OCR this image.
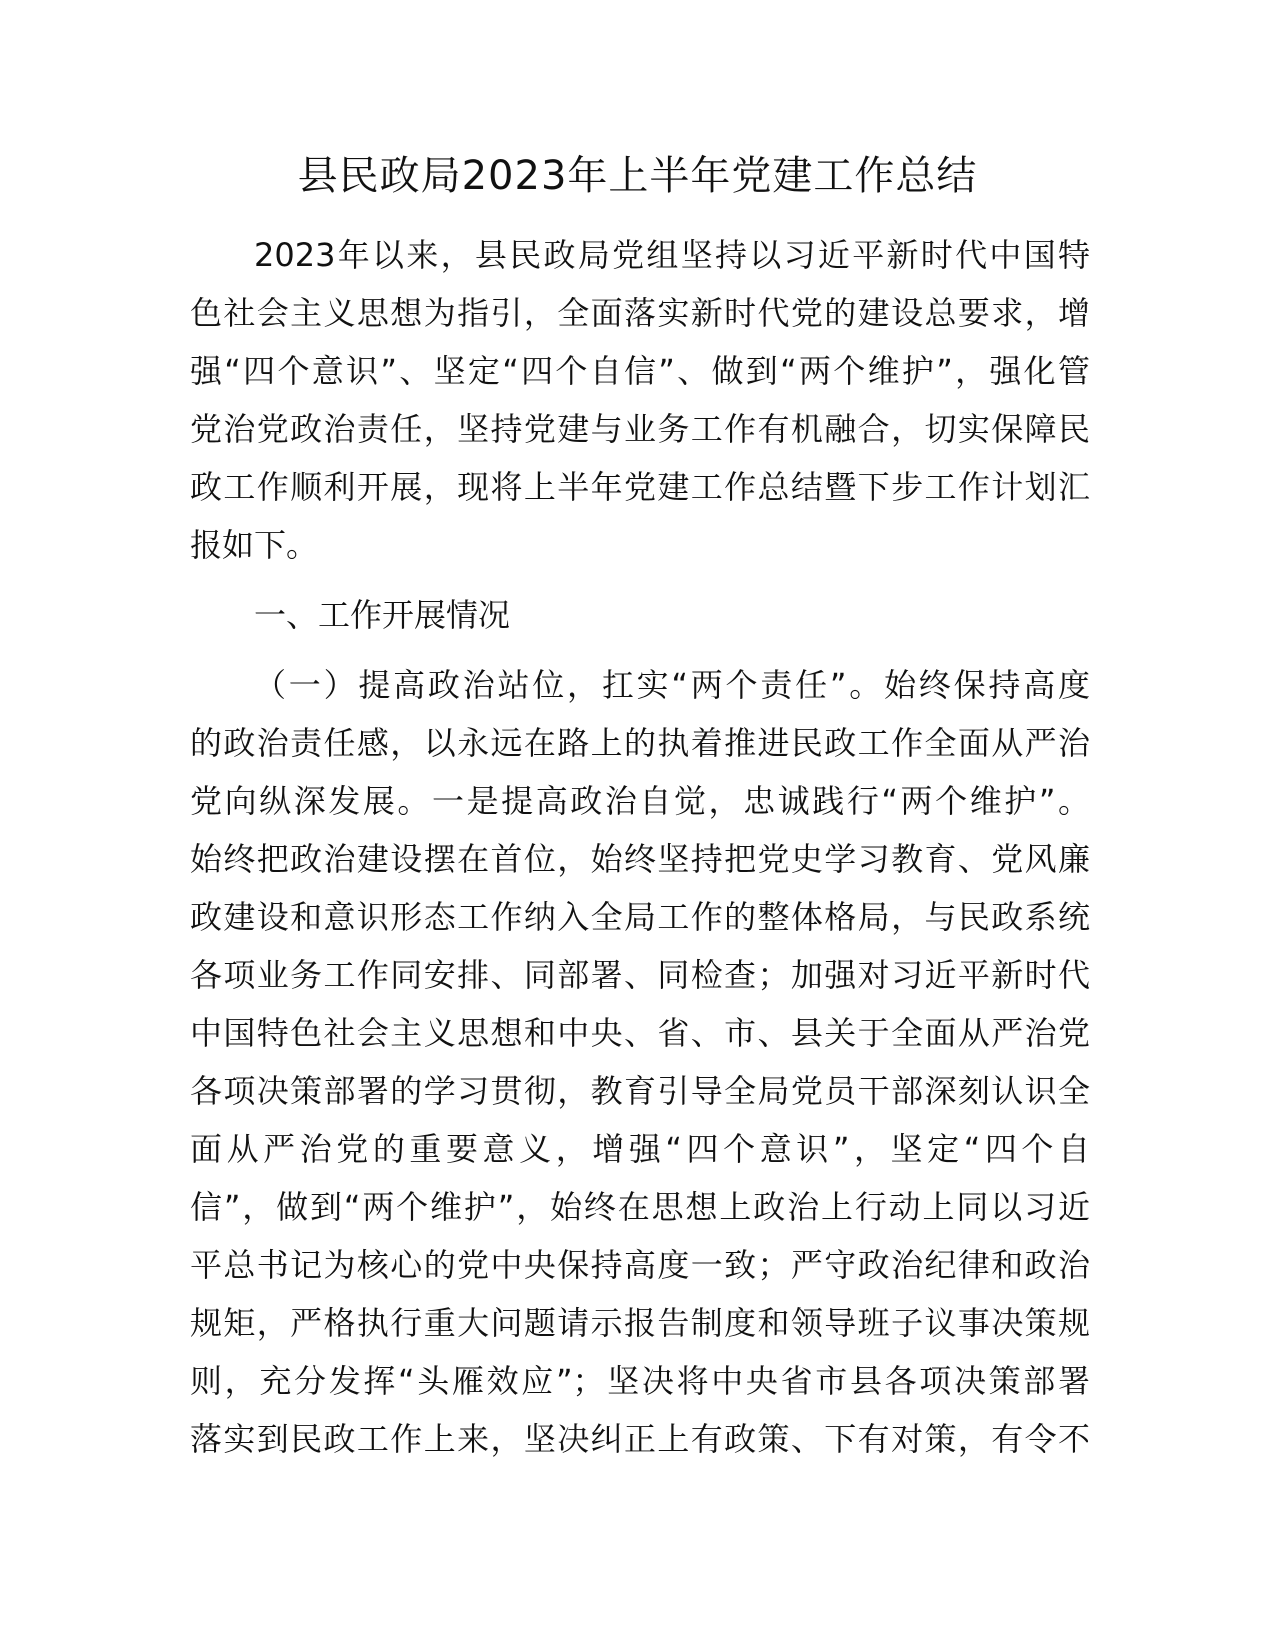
县民政局2023年上半年党建工作总结
2023年以来，县民政局党组坚持以习近平新时代中国特
色社会主义思想为指引，全面落实新时代党的建设总要求，增
强“四个意识”、坚定“四个自信”、做到“两个维护”，强化管
党治党政治责任，坚持党建与业务工作有机融合，切实保障民
政工作顺利开展，现将上半年党建工作总结暨下步工作计划汇
报如下。
一、工作开展情况
（一）提高政治站位，扛实“两个责任”。始终保持高度
的政治责任感，以永远在路上的执着推进民政工作全面从严治
党向纵深发展。一是提高政治自觉，忠诚践行“两个维护”。
始终把政治建设摆在首位，始终坚持把党史学习教育、党风廉
政建设和意识形态工作纳入全局工作的整体格局，与民政系统
各项业务工作同安排、同部署、同检查；加强对习近平新时代
中国特色社会主义思想和中央、省、市、县关于全面从严治党
各项决策部署的学习贯彻，教育引导全局党员干部深刻认识全
面从严治党的重要意义，增强“四个意识”，坚定“四个自
信”，做到“两个维护”，始终在思想上政治上行动上同以习近
平总书记为核心的党中央保持高度一致；严守政治纪律和政治
规矩，严格执行重大问题请示报告制度和领导班子议事决策规
则，充分发挥“头雁效应”；坚决将中央省市县各项决策部署
落实到民政工作上来，坚决纠正上有政策、下有对策，有令不
